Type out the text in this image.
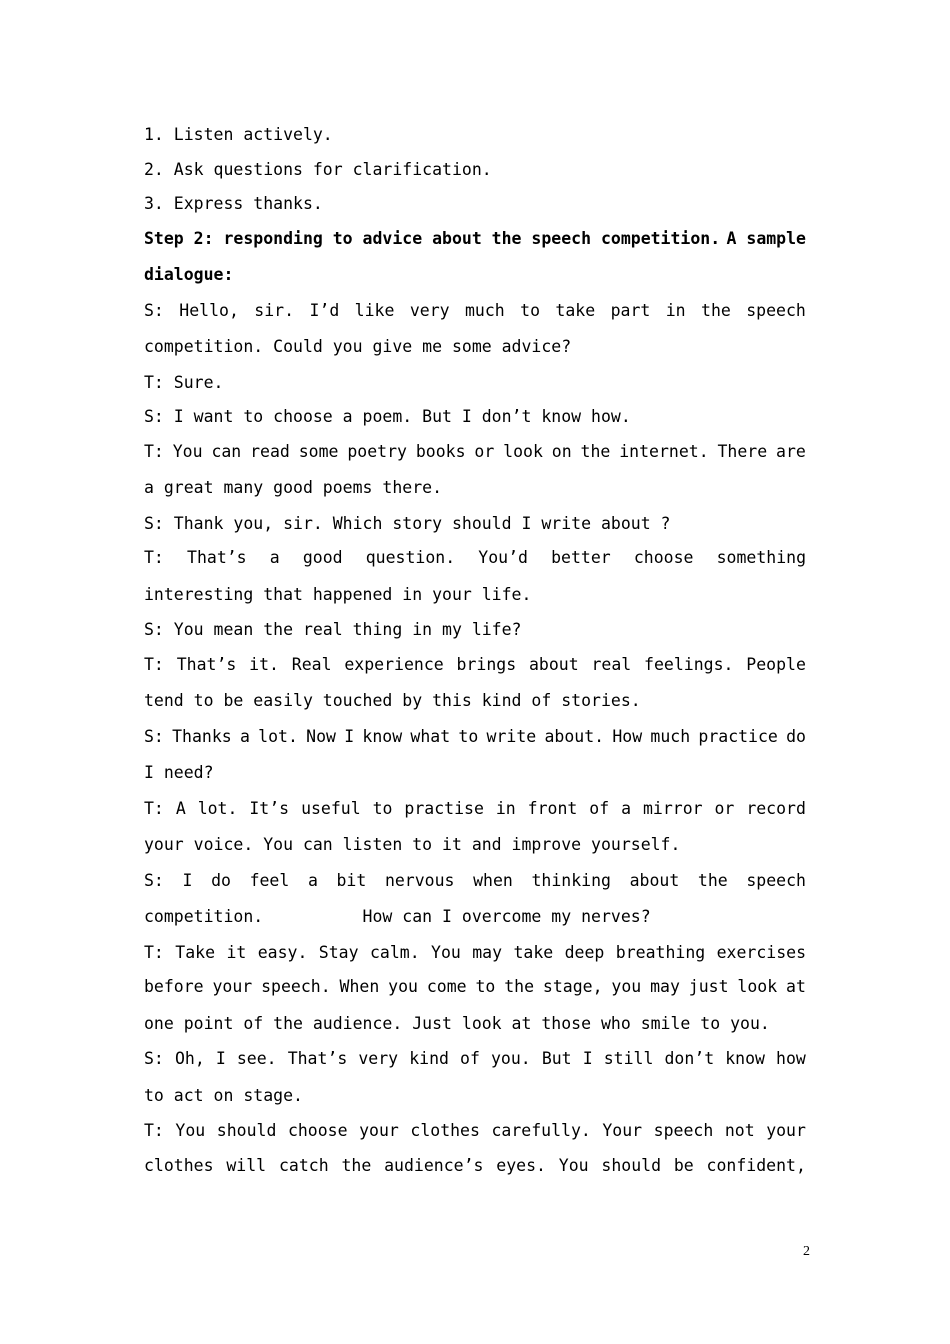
1. Listen actively.
2. Ask questions for clarification.
3. Express thanks.
Step 2: responding to advice about the speech competition. A sample
dialogue:
S: Hello, sir. I’d like very much to take part in the speech
competition. Could you give me some advice?
T: Sure.
S: I want to choose a poem. But I don’t know how.
T: You can read some poetry books or look on the internet. There are
a great many good poems there.
S: Thank you, sir. Which story should I write about ?
T: That’s a good question. You’d better choose something
interesting that happened in your life.
S: You mean the real thing in my life?
T: That’s it. Real experience brings about real feelings. People
tend to be easily touched by this kind of stories.
S: Thanks a lot. Now I know what to write about. How much practice do
I need?
T: A lot. It’s useful to practise in front of a mirror or record
your voice. You can listen to it and improve yourself.
S: I do feel a bit nervous when thinking about the speech
competition.          How can I overcome my nerves?
T: Take it easy. Stay calm. You may take deep breathing exercises
before your speech. When you come to the stage, you may just look at
one point of the audience. Just look at those who smile to you.
S: Oh, I see. That’s very kind of you. But I still don’t know how
to act on stage.
T: You should choose your clothes carefully. Your speech not your
clothes will catch the audience’s eyes. You should be confident,
2
